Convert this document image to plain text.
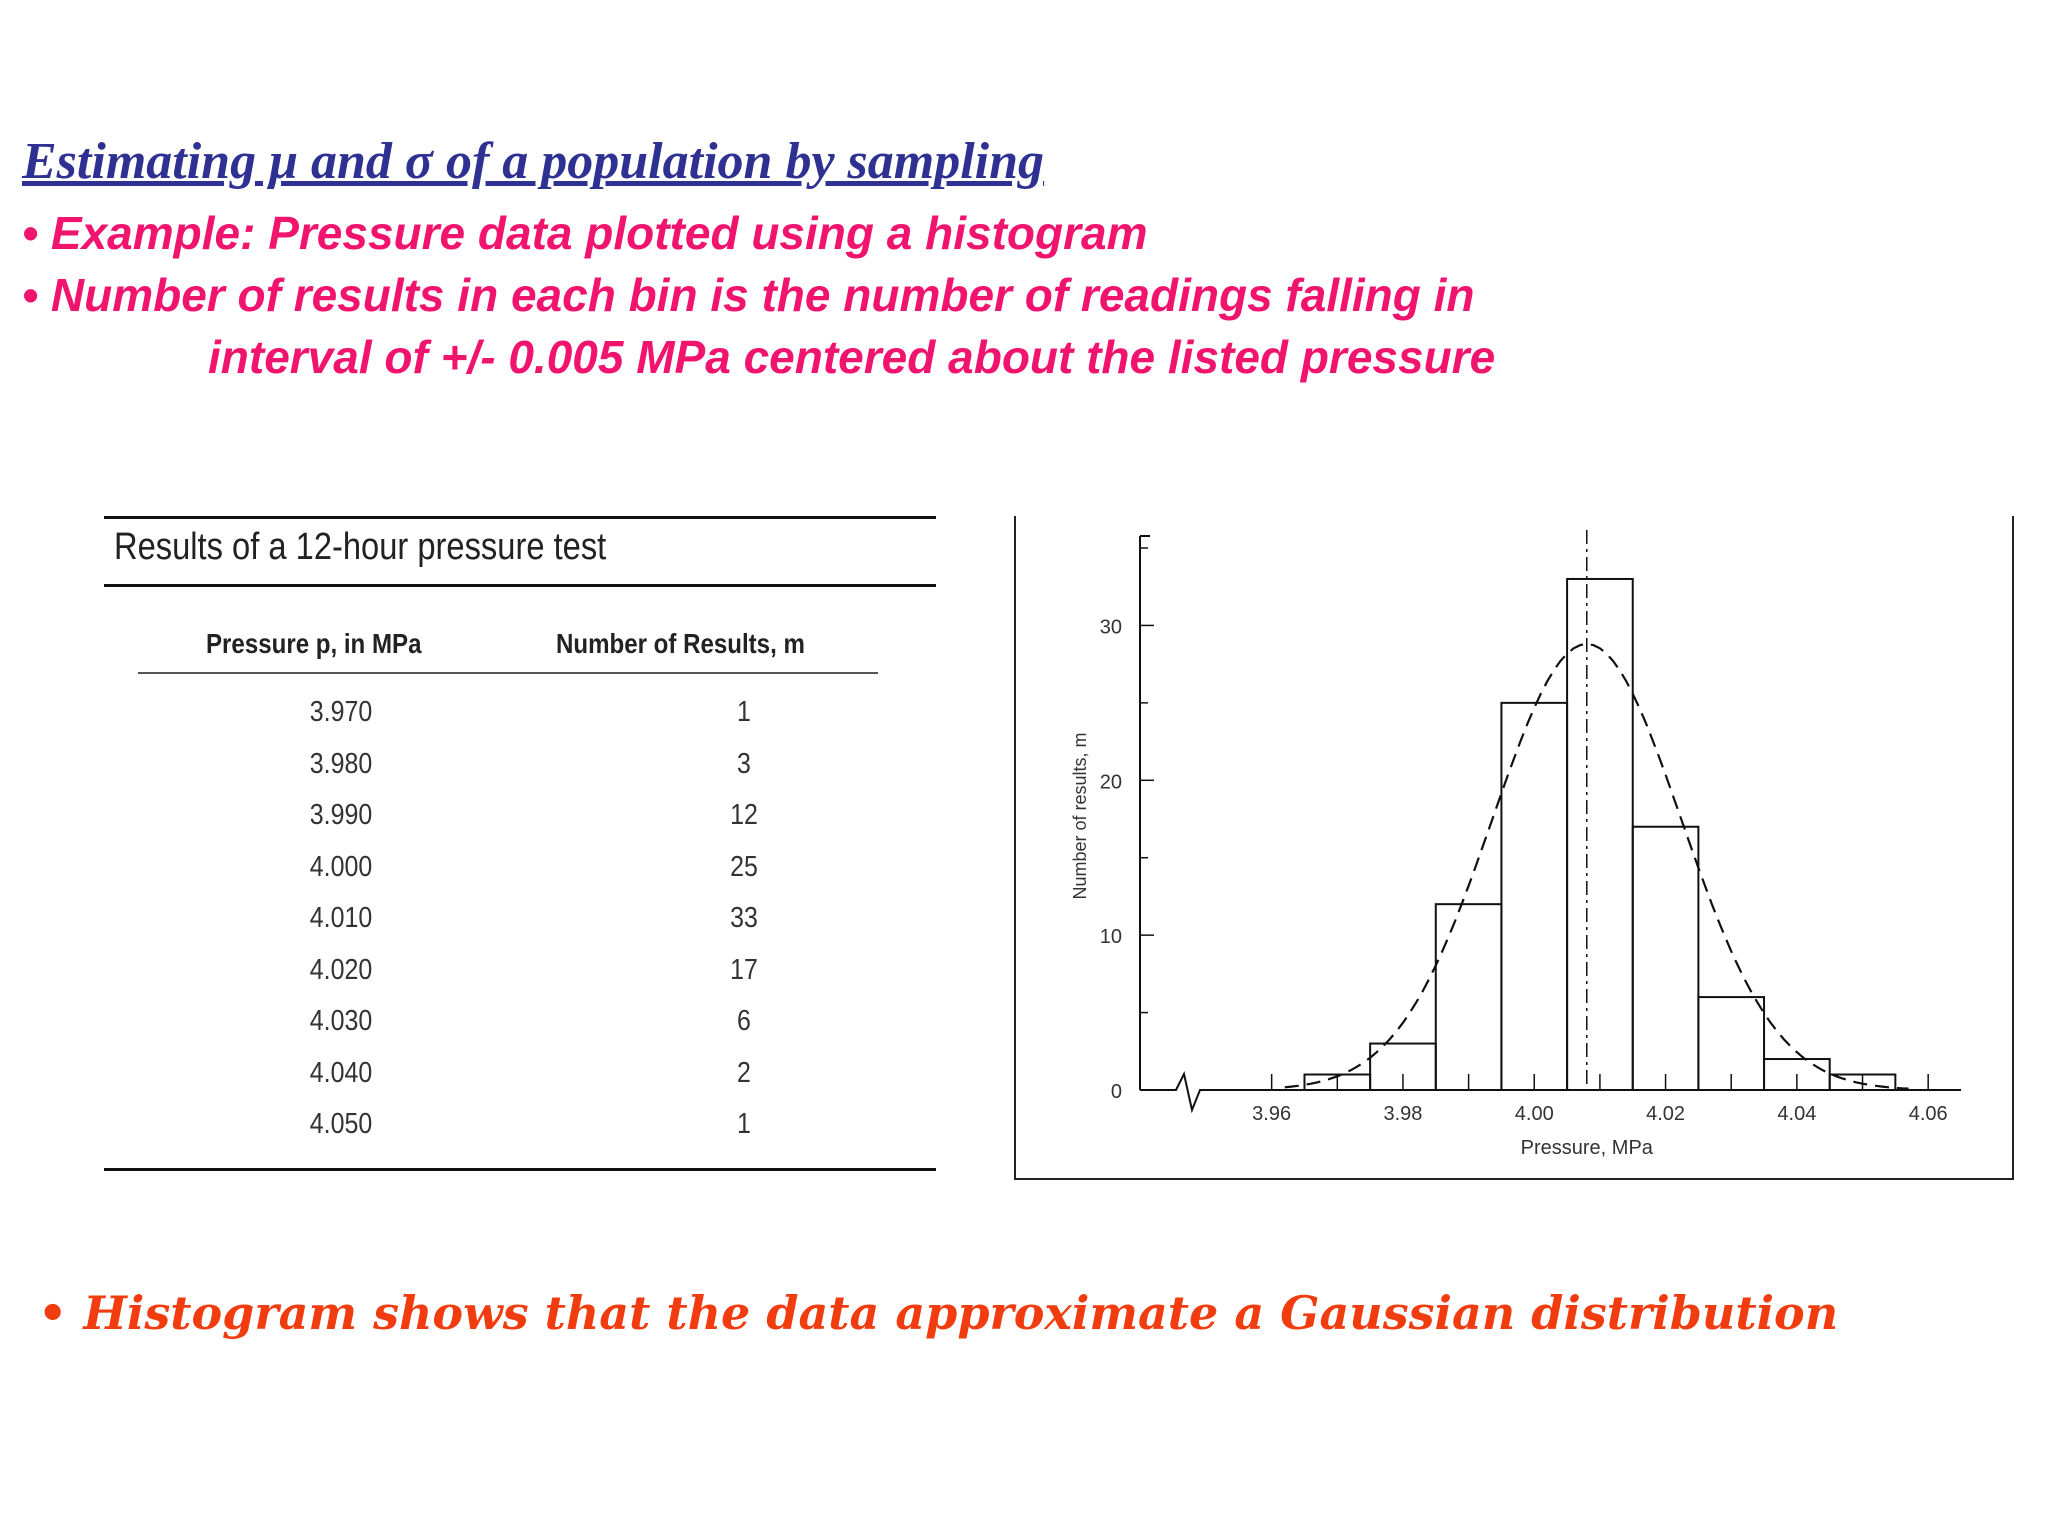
Estimating μ and σ of a population by sampling
• Example: Pressure data plotted using a histogram
• Number of results in each bin is the number of readings falling in
interval of +/- 0.005 MPa centered about the listed pressure
Results of a 12-hour pressure test
Pressure p, in MPa	Number of Results, m
3.970	1
3.980	3
3.990	12
4.000	25
4.010	33
4.020	17
4.030	6
4.040	2
4.050	1
0
10
20
30
Number of results, m
3.96	3.98	4.00	4.02	4.04	4.06
Pressure, MPa
• Histogram shows that the data approximate a Gaussian distribution
